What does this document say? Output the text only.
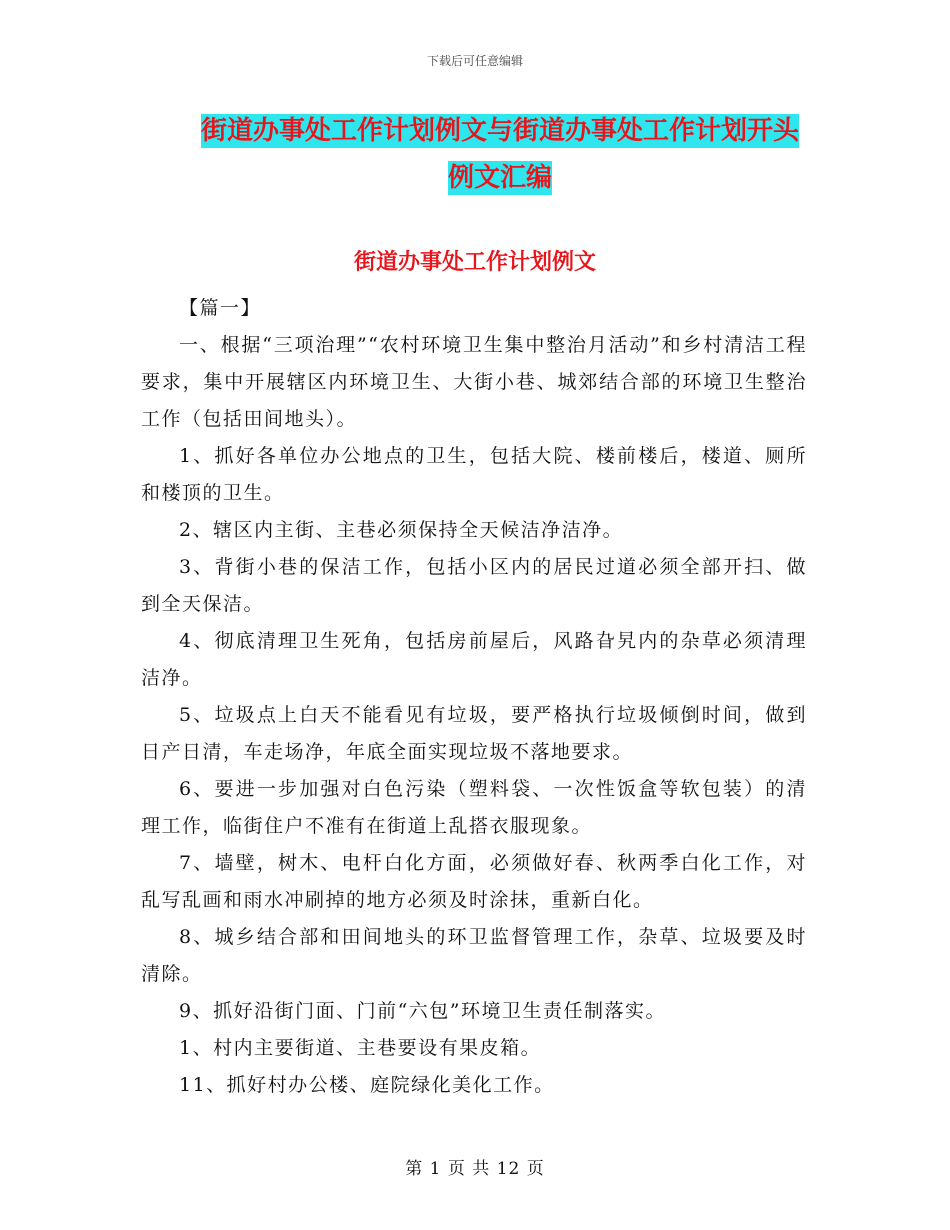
下载后可任意编辑
街道办事处工作计划例文与街道办事处工作计划开头
例文汇编
街道办事处工作计划例文

【篇一】

一、根据“三项治理”“农村环境卫生集中整治月活动”和乡村清洁工程要求，集中开展辖区内环境卫生、大街小巷、城郊结合部的环境卫生整治工作（包括田间地头）。

1、抓好各单位办公地点的卫生，包括大院、楼前楼后，楼道、厕所和楼顶的卫生。

2、辖区内主街、主巷必须保持全天候洁净洁净。

3、背街小巷的保洁工作，包括小区内的居民过道必须全部开扫、做到全天保洁。

4、彻底清理卫生死角，包括房前屋后，风路旮旯内的杂草必须清理洁净。

5、垃圾点上白天不能看见有垃圾，要严格执行垃圾倾倒时间，做到日产日清，车走场净，年底全面实现垃圾不落地要求。

6、要进一步加强对白色污染（塑料袋、一次性饭盒等软包装）的清理工作，临街住户不准有在街道上乱搭衣服现象。

7、墙壁，树木、电杆白化方面，必须做好春、秋两季白化工作，对乱写乱画和雨水冲刷掉的地方必须及时涂抹，重新白化。

8、城乡结合部和田间地头的环卫监督管理工作，杂草、垃圾要及时清除。

9、抓好沿街门面、门前“六包”环境卫生责任制落实。

1、村内主要街道、主巷要设有果皮箱。

11、抓好村办公楼、庭院绿化美化工作。

第 1 页 共 12 页
